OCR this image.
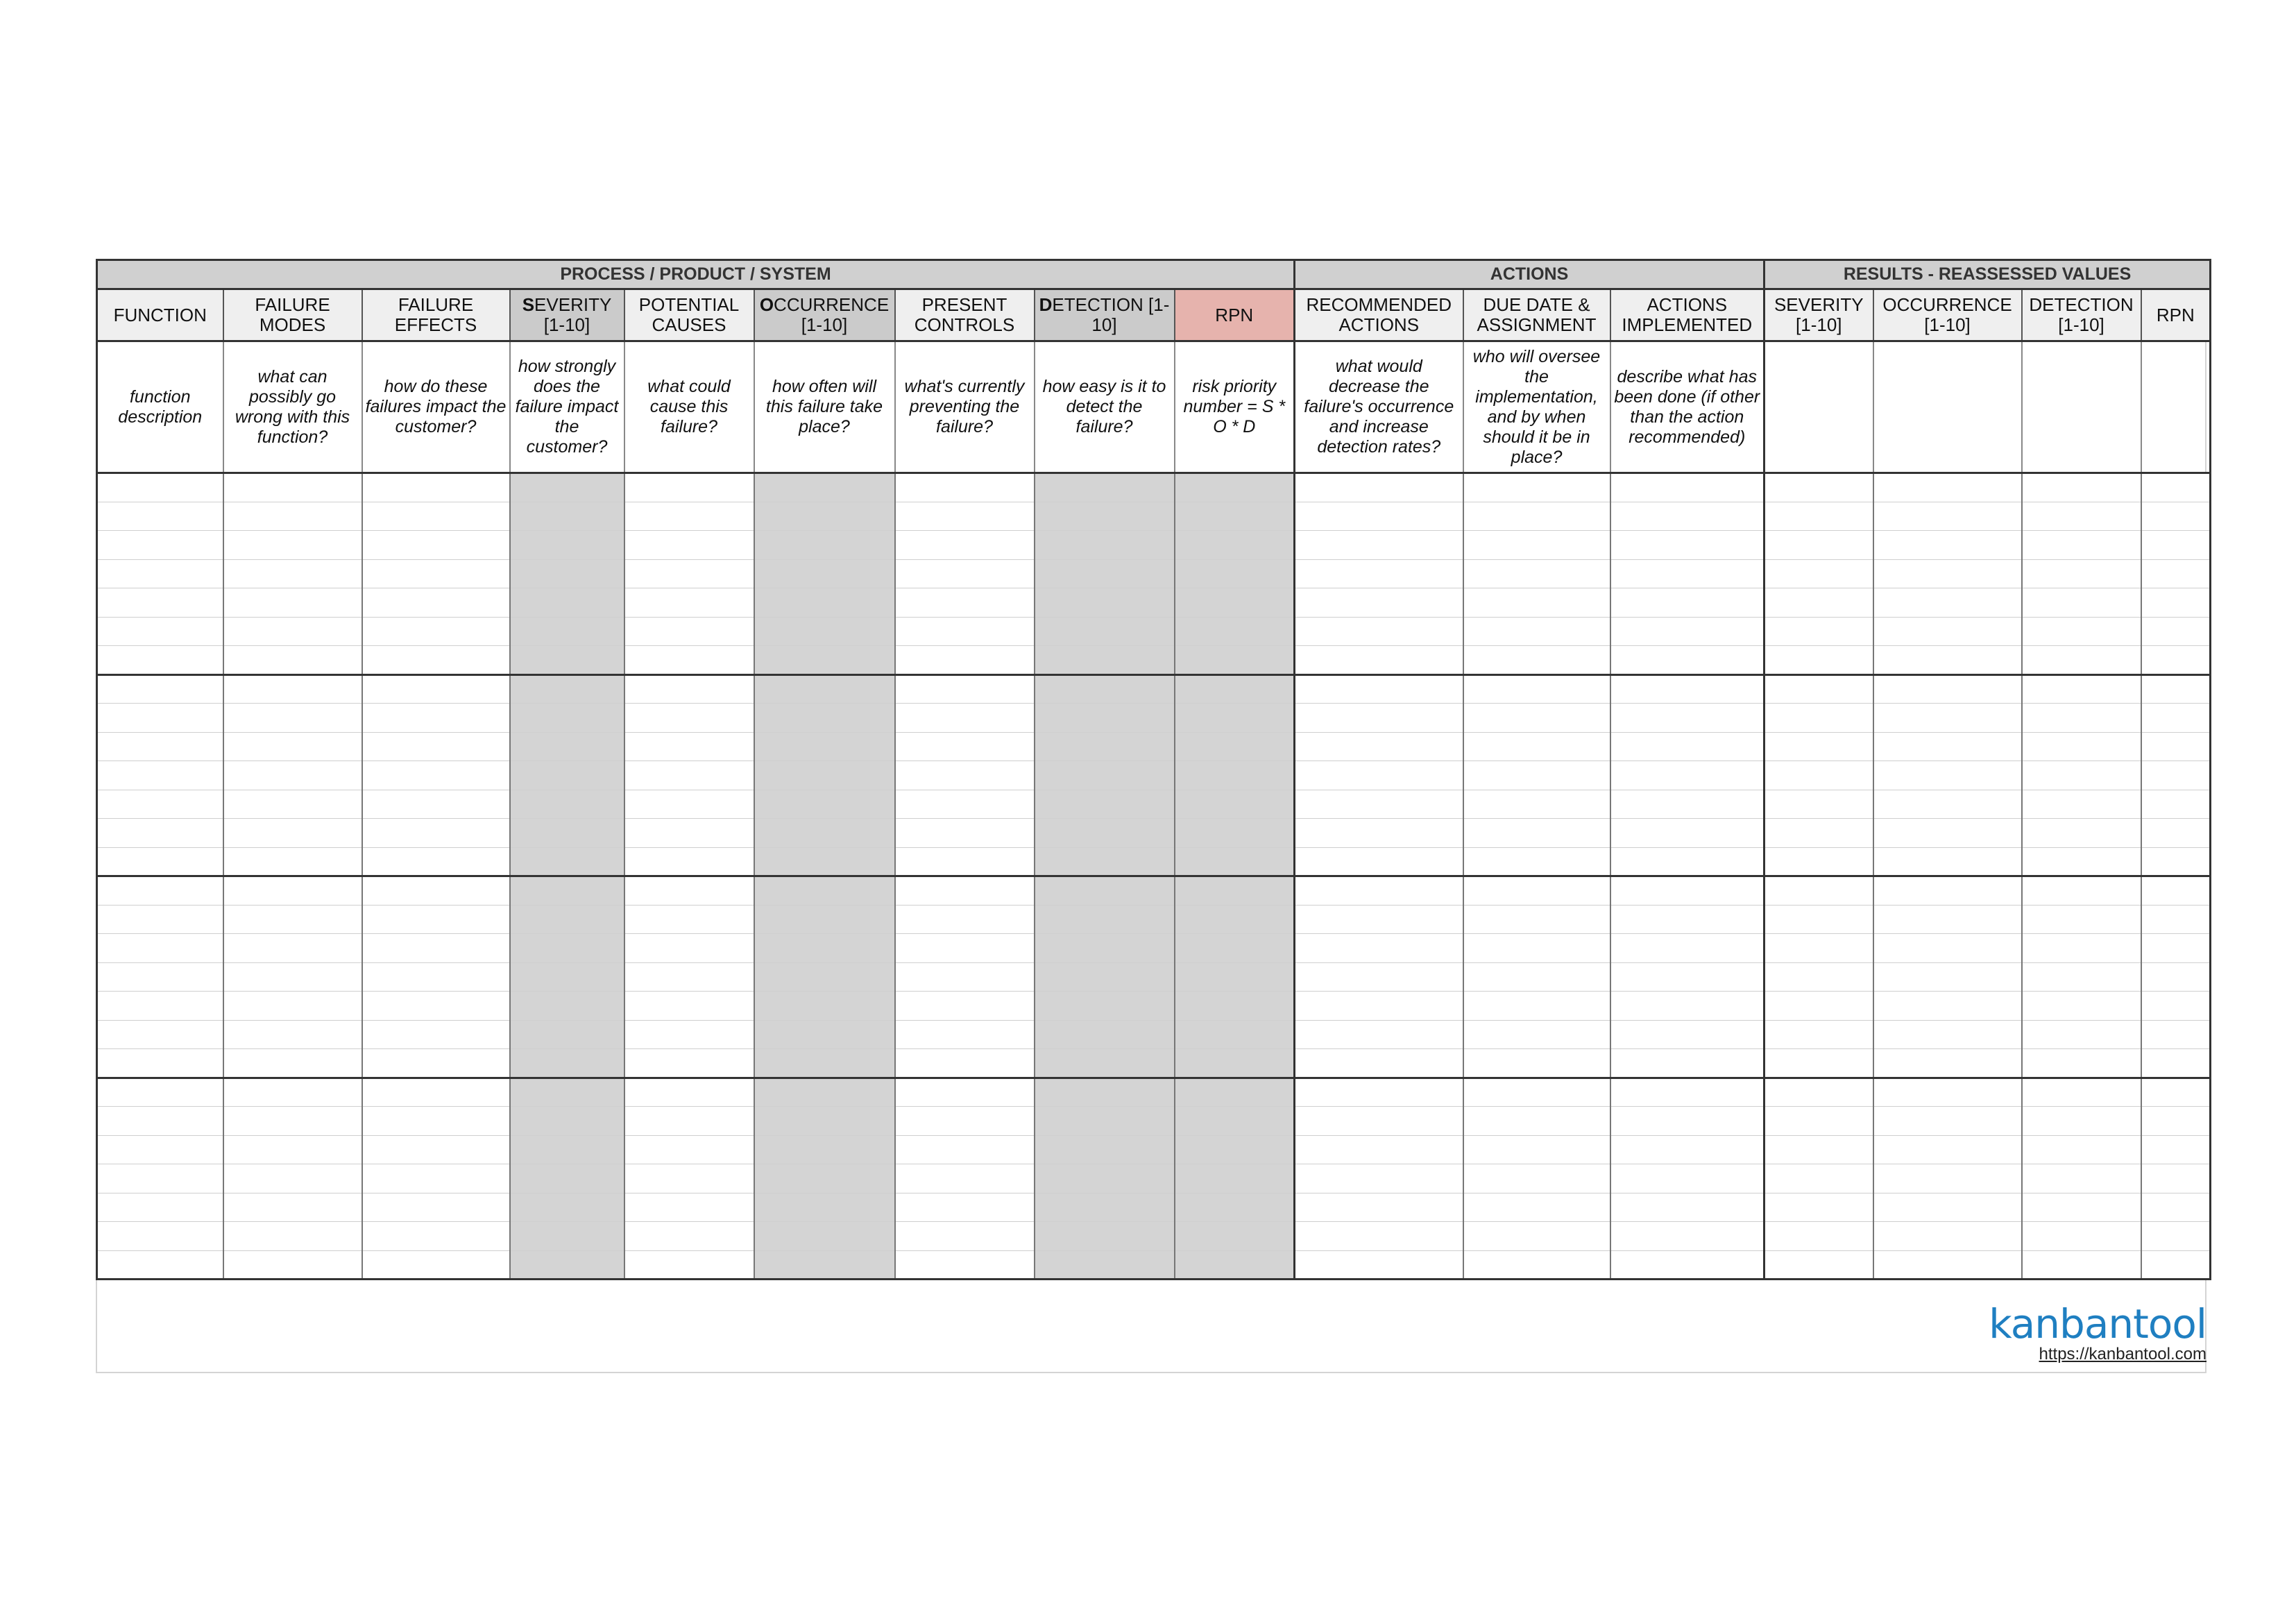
PROCESS / PRODUCT / SYSTEM									ACTIONS			RESULTS - REASSESSED VALUES			
FUNCTION	FAILURE MODES	FAILURE EFFECTS	SEVERITY [1-10]	POTENTIAL CAUSES	OCCURRENCE [1-10]	PRESENT CONTROLS	DETECTION [1-10]	RPN	RECOMMENDED ACTIONS	DUE DATE & ASSIGNMENT	ACTIONS IMPLEMENTED	SEVERITY [1-10]	OCCURRENCE [1-10]	DETECTION [1-10]	RPN
function description	what can possibly go wrong with this function?	how do these failures impact the customer?	how strongly does the failure impact the customer?	what could cause this failure?	how often will this failure take place?	what's currently preventing the failure?	how easy is it to detect the failure?	risk priority number = S * O * D	what would decrease the failure's occurrence and increase detection rates?	who will oversee the implementation, and by when should it be in place?	describe what has been done (if other than the action recommended)				

kanbantool
https://kanbantool.com
